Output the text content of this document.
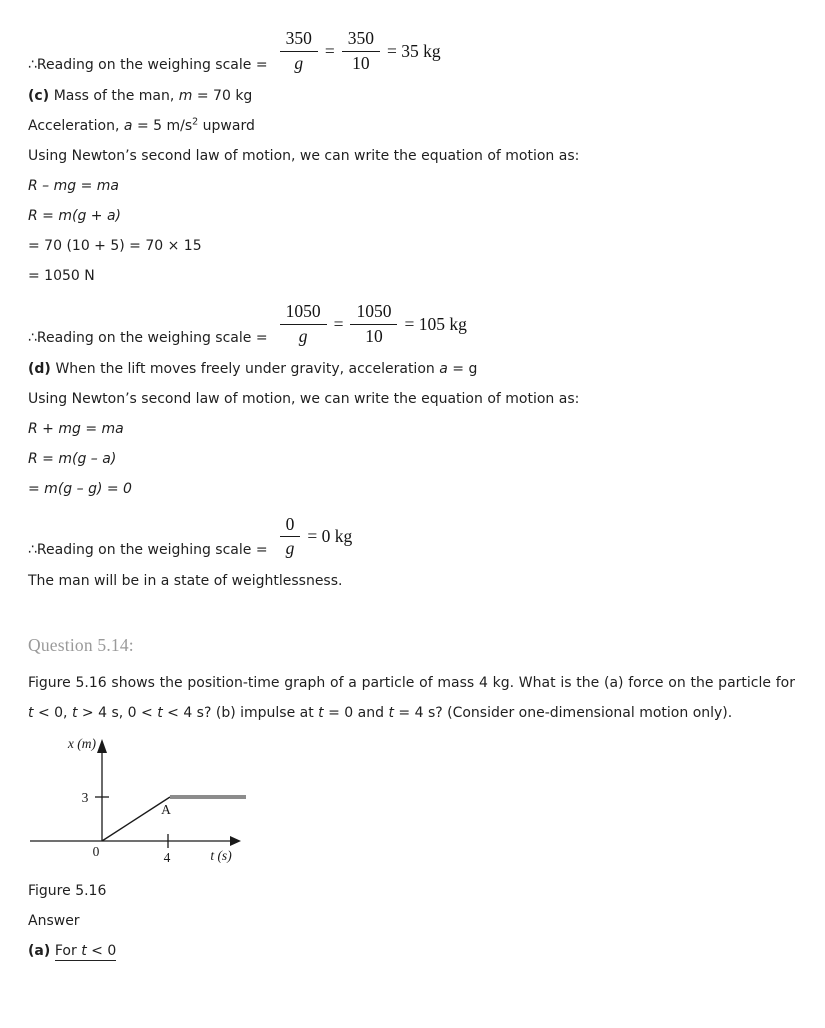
∴Reading on the weighing scale = $\frac{350}{g} = \frac{350}{10} = 35$ kg

(c) Mass of the man, m = 70 kg

Acceleration, a = 5 $m/s^2$ upward

Using Newton’s second law of motion, we can write the equation of motion as:

R – mg = ma

R = m(g + a)

= 70 (10 + 5) = 70 × 15

= 1050 N

∴Reading on the weighing scale = $\frac{1050}{g} = \frac{1050}{10} = 105$ kg

(d) When the lift moves freely under gravity, acceleration a = g

Using Newton’s second law of motion, we can write the equation of motion as:

R + mg = ma

R = m(g – a)

= m(g – g) = 0

∴Reading on the weighing scale = $\frac{0}{g} = 0$ kg

The man will be in a state of weightlessness.

Question 5.14:

Figure 5.16 shows the position-time graph of a particle of mass 4 kg. What is the (a) force on the particle for t < 0, t > 4 s, 0 < t < 4 s? (b) impulse at t = 0 and t = 4 s? (Consider one-dimensional motion only).

x (m)
t (s)
3
0	4
A

Figure 5.16

Answer

(a) For t < 0
